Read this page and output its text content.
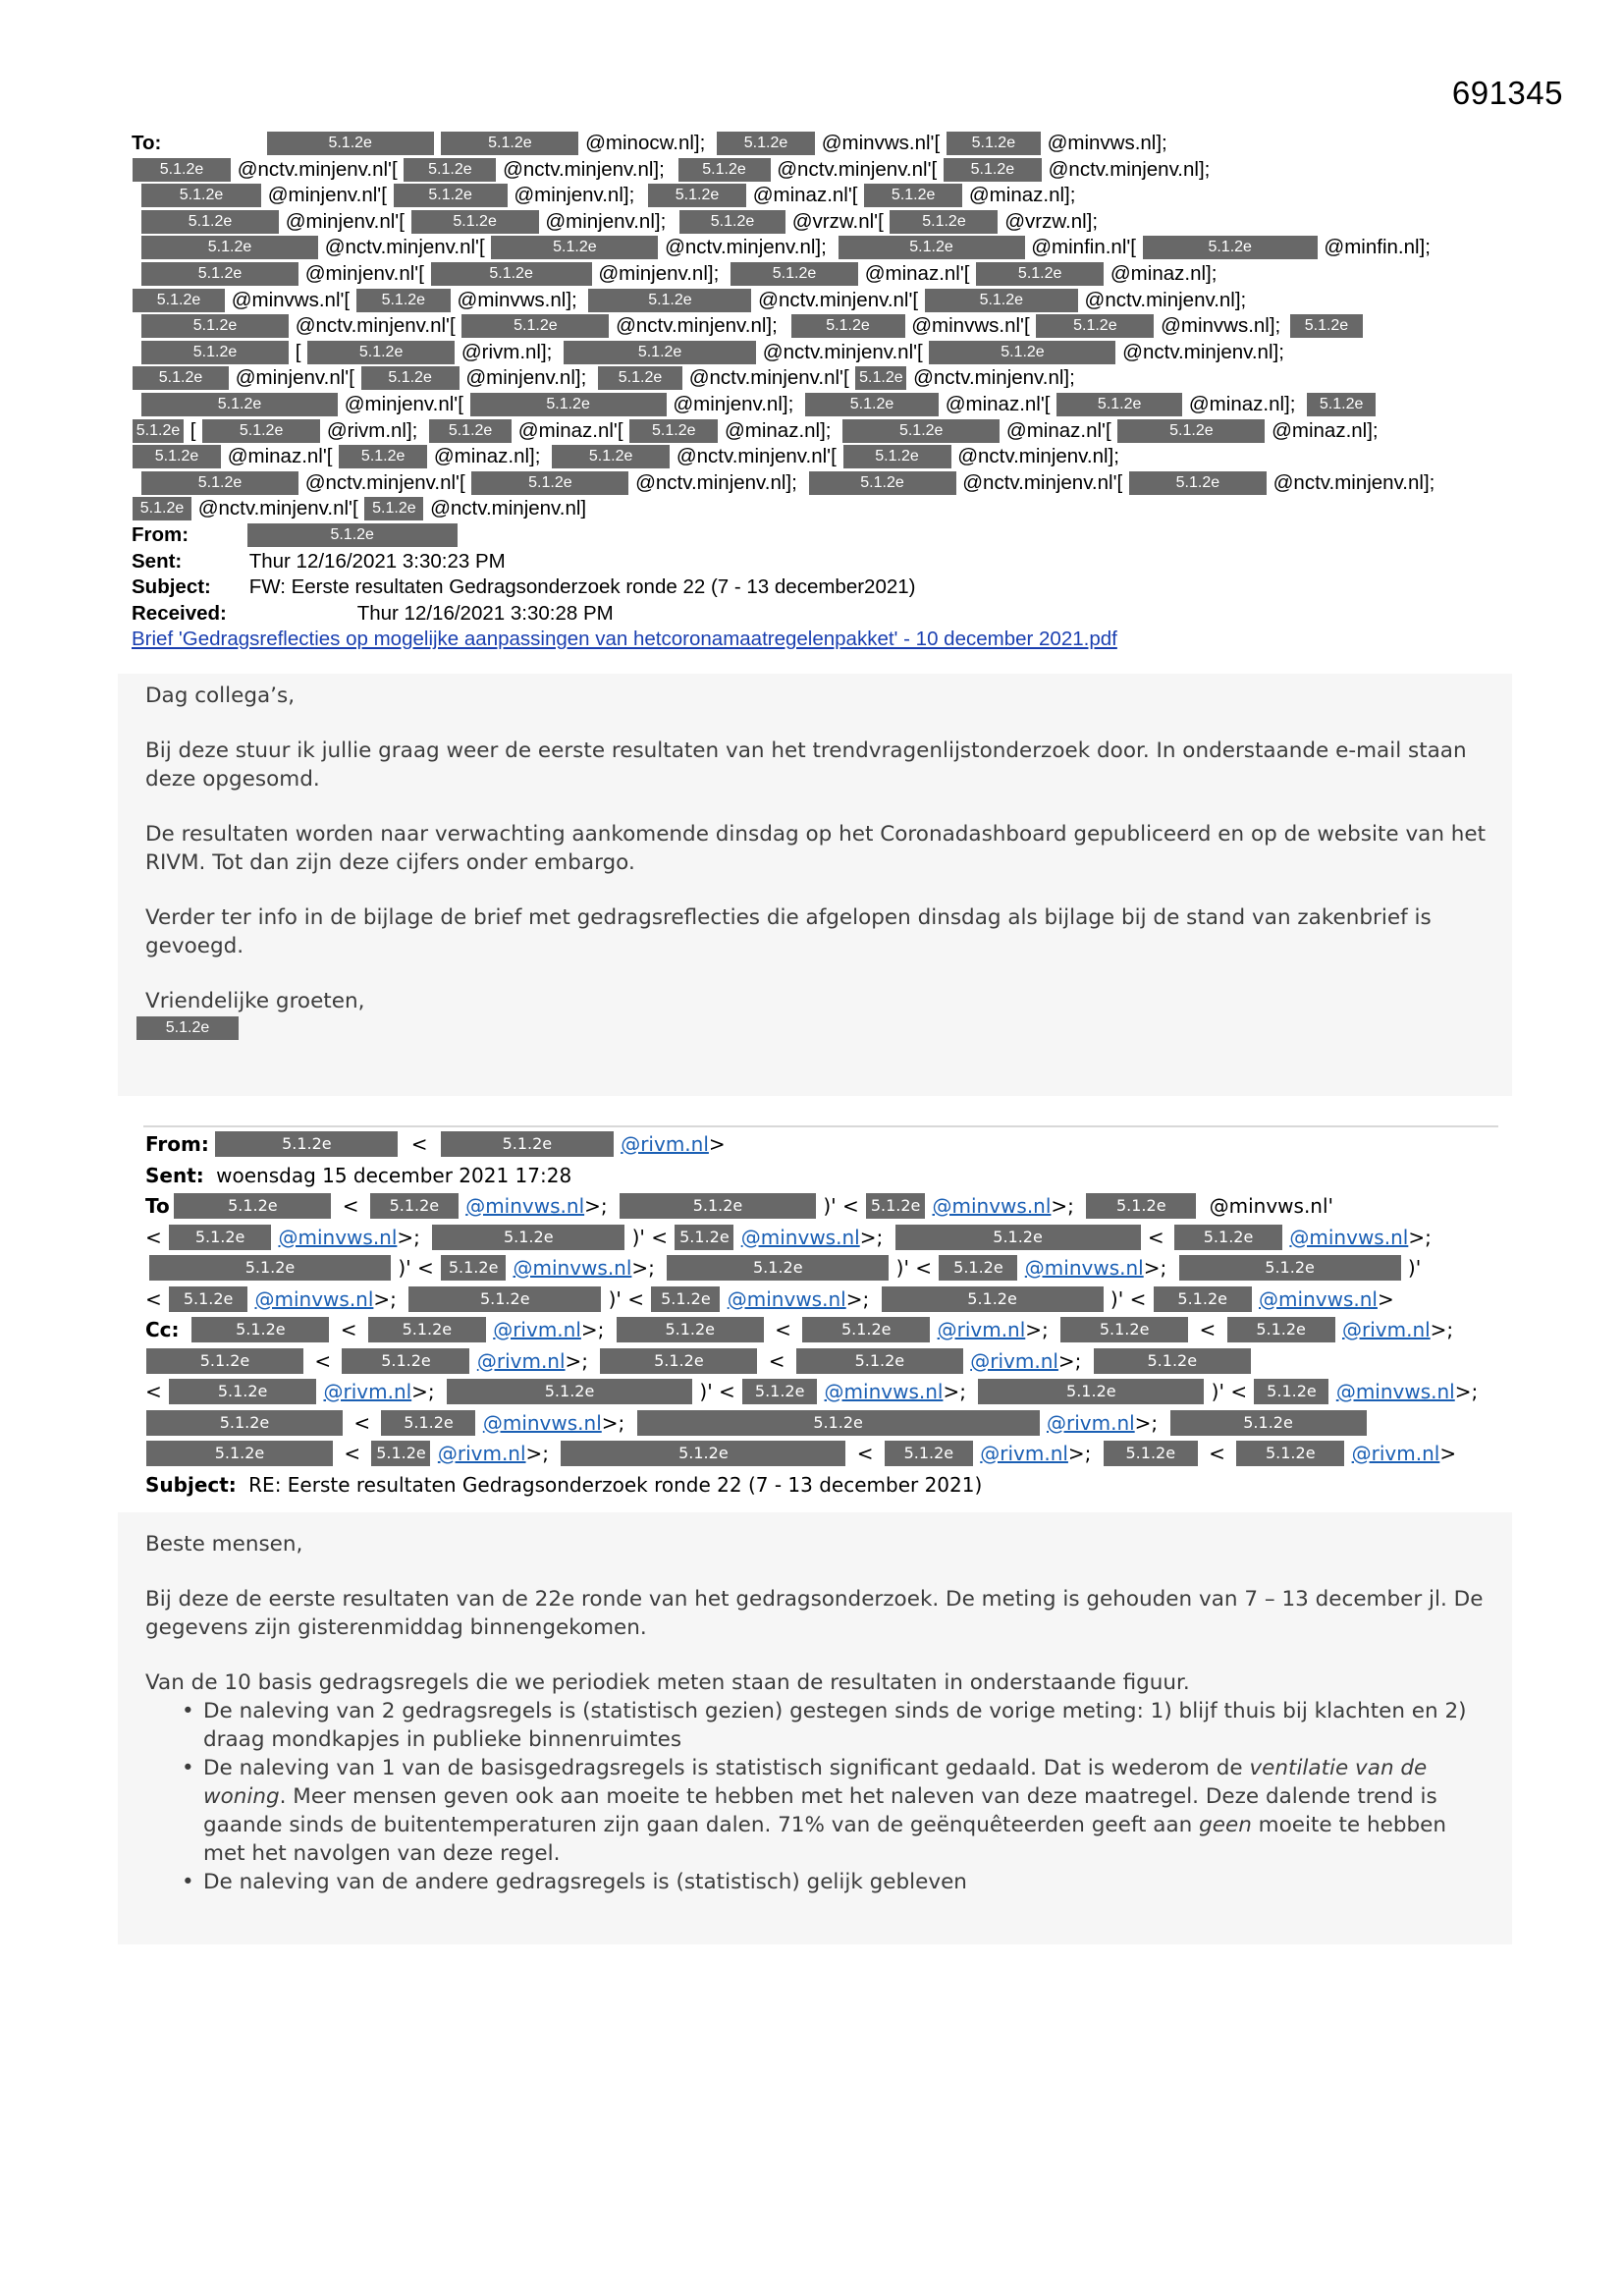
691345
To:	5.1.2e	5.1.2e	@minocw.nl]; 5.1.2e @minvws.nl'[ 5.1.2e @minvws.nl];
5.1.2e @nctv.minjenv.nl'[ 5.1.2e @nctv.minjenv.nl]; 5.1.2e @nctv.minjenv.nl'[ 5.1.2e @nctv.minjenv.nl];
5.1.2e @minjenv.nl'[	5.1.2e @minjenv.nl];	5.1.2e @minaz.nl'[ 5.1.2e @minaz.nl];
5.1.2e	@minjenv.nl'[	5.1.2e @minjenv.nl];	5.1.2e @vrzw.nl'[ 5.1.2e @vrzw.nl];
5.1.2e	@nctv.minjenv.nl'[	5.1.2e	@nctv.minjenv.nl];	5.1.2e	@minfin.nl'[	5.1.2e	@minfin.nl];
5.1.2e	@minjenv.nl'[	5.1.2e	@minjenv.nl];	5.1.2e @minaz.nl'[	5.1.2e @minaz.nl];
5.1.2e @minvws.nl'[ 5.1.2e @minvws.nl];	5.1.2e	@nctv.minjenv.nl'[	5.1.2e	@nctv.minjenv.nl];
5.1.2e	@nctv.minjenv.nl'[	5.1.2e	@nctv.minjenv.nl];	5.1.2e @minvws.nl'[	5.1.2e @minvws.nl]; 5.1.2e
5.1.2e	[	5.1.2e	@rivm.nl];	5.1.2e	@nctv.minjenv.nl'[	5.1.2e	@nctv.minjenv.nl];
5.1.2e @minjenv.nl'[ 5.1.2e @minjenv.nl]; 5.1.2e @nctv.minjenv.nl'[ 5.1.2e @nctv.minjenv.nl];
5.1.2e	@minjenv.nl'[	5.1.2e	@minjenv.nl];	5.1.2e	@minaz.nl'[	5.1.2e @minaz.nl]; 5.1.2e
5.1.2e [	5.1.2e @rivm.nl]; 5.1.2e @minaz.nl'[ 5.1.2e @minaz.nl];	5.1.2e	@minaz.nl'[	5.1.2e	@minaz.nl];
5.1.2e @minaz.nl'[ 5.1.2e @minaz.nl];	5.1.2e @nctv.minjenv.nl'[ 5.1.2e @nctv.minjenv.nl];
5.1.2e	@nctv.minjenv.nl'[	5.1.2e	@nctv.minjenv.nl];	5.1.2e	@nctv.minjenv.nl'[	5.1.2e	@nctv.minjenv.nl];
5.1.2e @nctv.minjenv.nl'[ 5.1.2e @nctv.minjenv.nl]
From:	5.1.2e
Sent:	Thur 12/16/2021 3:30:23 PM
Subject: FW: Eerste resultaten Gedragsonderzoek ronde 22 (7 - 13 december2021)
Received:	Thur 12/16/2021 3:30:28 PM
Brief 'Gedragsreflecties op mogelijke aanpassingen van hetcoronamaatregelenpakket' - 10 december 2021.pdf
Dag collega’s,
Bij deze stuur ik jullie graag weer de eerste resultaten van het trendvragenlijstonderzoek door. In onderstaande e-mail staan deze opgesomd.
De resultaten worden naar verwachting aankomende dinsdag op het Coronadashboard gepubliceerd en op de website van het RIVM. Tot dan zijn deze cijfers onder embargo.
Verder ter info in de bijlage de brief met gedragsreflecties die afgelopen dinsdag als bijlage bij de stand van zakenbrief is gevoegd.
Vriendelijke groeten,
5.1.2e
From:	5.1.2e	<	5.1.2e	@rivm.nl>
Sent: woensdag 15 december 2021 17:28
To	5.1.2e	< 5.1.2e @minvws.nl>;	5.1.2e	)' < 5.1.2e @minvws.nl>;	5.1.2e @minvws.nl'
< 5.1.2e @minvws.nl>;	5.1.2e	)' < 5.1.2e @minvws.nl>;	5.1.2e	<	5.1.2e @minvws.nl>;
5.1.2e	)' < 5.1.2e @minvws.nl>;	5.1.2e	)' < 5.1.2e @minvws.nl>;	5.1.2e	)'
< 5.1.2e @minvws.nl>;	5.1.2e	)' < 5.1.2e @minvws.nl>;	5.1.2e	)' < 5.1.2e @minvws.nl>
Cc:	5.1.2e	<	5.1.2e @rivm.nl>;	5.1.2e	<	5.1.2e @rivm.nl>;	5.1.2e	<	5.1.2e @rivm.nl>;
5.1.2e	<	5.1.2e @rivm.nl>;	5.1.2e	<	5.1.2e	@rivm.nl>;	5.1.2e
<	5.1.2e	@rivm.nl>;	5.1.2e	)' < 5.1.2e @minvws.nl>;	5.1.2e	)' < 5.1.2e @minvws.nl>;
5.1.2e	< 5.1.2e @minvws.nl>;	5.1.2e	@rivm.nl>;	5.1.2e
5.1.2e	< 5.1.2e @rivm.nl>;	5.1.2e	< 5.1.2e @rivm.nl>; 5.1.2e <	5.1.2e @rivm.nl>
Subject: RE: Eerste resultaten Gedragsonderzoek ronde 22 (7 - 13 december 2021)
Beste mensen,
Bij deze de eerste resultaten van de 22e ronde van het gedragsonderzoek. De meting is gehouden van 7 – 13 december jl. De gegevens zijn gisterenmiddag binnengekomen.
Van de 10 basis gedragsregels die we periodiek meten staan de resultaten in onderstaande figuur.
• De naleving van 2 gedragsregels is (statistisch gezien) gestegen sinds de vorige meting: 1) blijf thuis bij klachten en 2) draag mondkapjes in publieke binnenruimtes
• De naleving van 1 van de basisgedragsregels is statistisch significant gedaald. Dat is wederom de ventilatie van de woning. Meer mensen geven ook aan moeite te hebben met het naleven van deze maatregel. Deze dalende trend is gaande sinds de buitentemperaturen zijn gaan dalen. 71% van de geënquêteerden geeft aan geen moeite te hebben met het navolgen van deze regel.
• De naleving van de andere gedragsregels is (statistisch) gelijk gebleven
